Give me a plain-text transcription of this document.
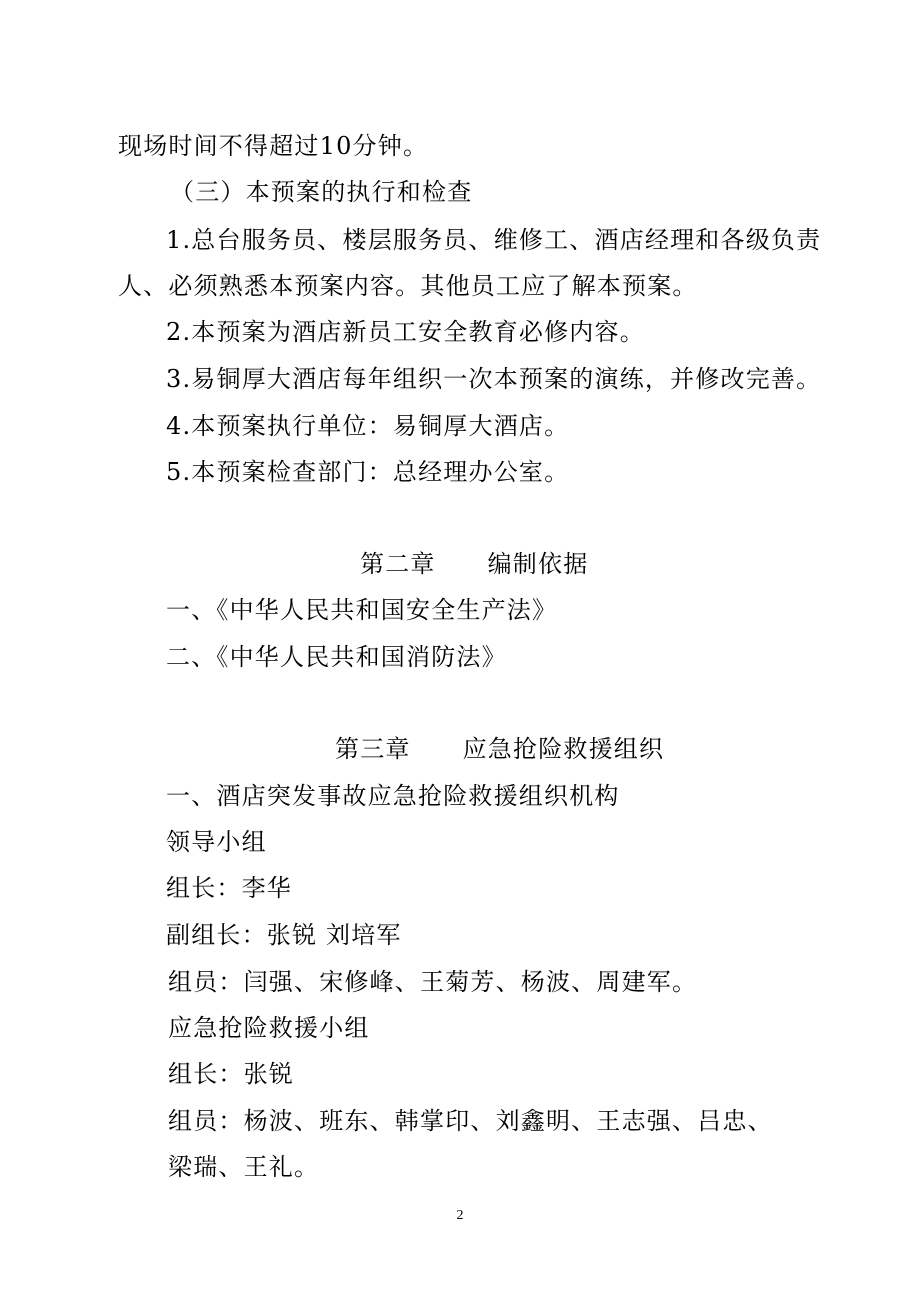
现场时间不得超过10分钟。
（三）本预案的执行和检查
1.总台服务员、楼层服务员、维修工、酒店经理和各级负责
人、必须熟悉本预案内容。其他员工应了解本预案。
2.本预案为酒店新员工安全教育必修内容。
3.易铜厚大酒店每年组织一次本预案的演练，并修改完善。
4.本预案执行单位：易铜厚大酒店。
5.本预案检查部门：总经理办公室。
第二章 编制依据
一、《中华人民共和国安全生产法》
二、《中华人民共和国消防法》
第三章 应急抢险救援组织
一、酒店突发事故应急抢险救援组织机构
领导小组
组长：李华
副组长：张锐 刘培军
组员：闫强、宋修峰、王菊芳、杨波、周建军。
应急抢险救援小组
组长：张锐
组员：杨波、班东、韩掌印、刘鑫明、王志强、吕忠、
梁瑞、王礼。
2
